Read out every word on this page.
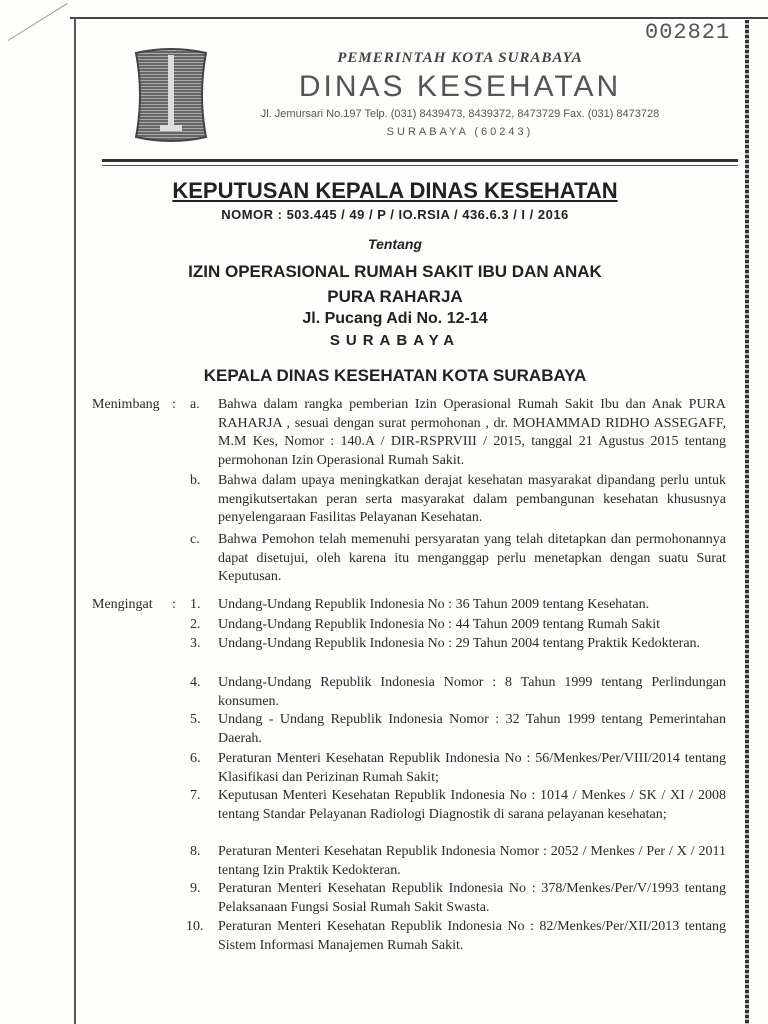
002821
PEMERINTAH KOTA SURABAYA
DINAS KESEHATAN
Jl. Jemursari No.197 Telp. (031) 8439473, 8439372, 8473729 Fax. (031) 8473728
SURABAYA (60243)
KEPUTUSAN KEPALA DINAS KESEHATAN
NOMOR : 503.445 / 49 / P / IO.RSIA / 436.6.3 / I / 2016
Tentang
IZIN OPERASIONAL RUMAH SAKIT IBU DAN ANAK
PURA RAHARJA
Jl. Pucang Adi No. 12-14
SURABAYA
KEPALA DINAS KESEHATAN KOTA SURABAYA
Menimbang : a.	Bahwa dalam rangka pemberian Izin Operasional Rumah Sakit Ibu dan Anak PURA RAHARJA , sesuai dengan surat permohonan , dr. MOHAMMAD RIDHO ASSEGAFF, M.M Kes, Nomor : 140.A / DIR-RSPRVIII / 2015, tanggal 21 Agustus 2015 tentang permohonan Izin Operasional Rumah Sakit.
b.	Bahwa dalam upaya meningkatkan derajat kesehatan masyarakat dipandang perlu untuk mengikutsertakan peran serta masyarakat dalam pembangunan kesehatan khususnya penyelengaraan Fasilitas Pelayanan Kesehatan.
c.	Bahwa Pemohon telah memenuhi persyaratan yang telah ditetapkan dan permohonannya dapat disetujui, oleh karena itu menganggap perlu menetapkan dengan suatu Surat Keputusan.
Mengingat : 1.	Undang-Undang Republik Indonesia No : 36 Tahun 2009 tentang Kesehatan.
2.	Undang-Undang Republik Indonesia No : 44 Tahun 2009 tentang Rumah Sakit
3.	Undang-Undang Republik Indonesia No : 29 Tahun 2004 tentang Praktik Kedokteran.
4.	Undang-Undang Republik Indonesia Nomor : 8 Tahun 1999 tentang Perlindungan konsumen.
5.	Undang - Undang Republik Indonesia Nomor : 32 Tahun 1999 tentang Pemerintahan Daerah.
6.	Peraturan Menteri Kesehatan Republik Indonesia No : 56/Menkes/Per/VIII/2014 tentang Klasifikasi dan Perizinan Rumah Sakit;
7.	Keputusan Menteri Kesehatan Republik Indonesia No : 1014 / Menkes / SK / XI / 2008 tentang Standar Pelayanan Radiologi Diagnostik di sarana pelayanan kesehatan;
8.	Peraturan Menteri Kesehatan Republik Indonesia Nomor : 2052 / Menkes / Per / X / 2011 tentang Izin Praktik Kedokteran.
9.	Peraturan Menteri Kesehatan Republik Indonesia No : 378/Menkes/Per/V/1993 tentang Pelaksanaan Fungsi Sosial Rumah Sakit Swasta.
10.	Peraturan Menteri Kesehatan Republik Indonesia No : 82/Menkes/Per/XII/2013 tentang Sistem Informasi Manajemen Rumah Sakit.
